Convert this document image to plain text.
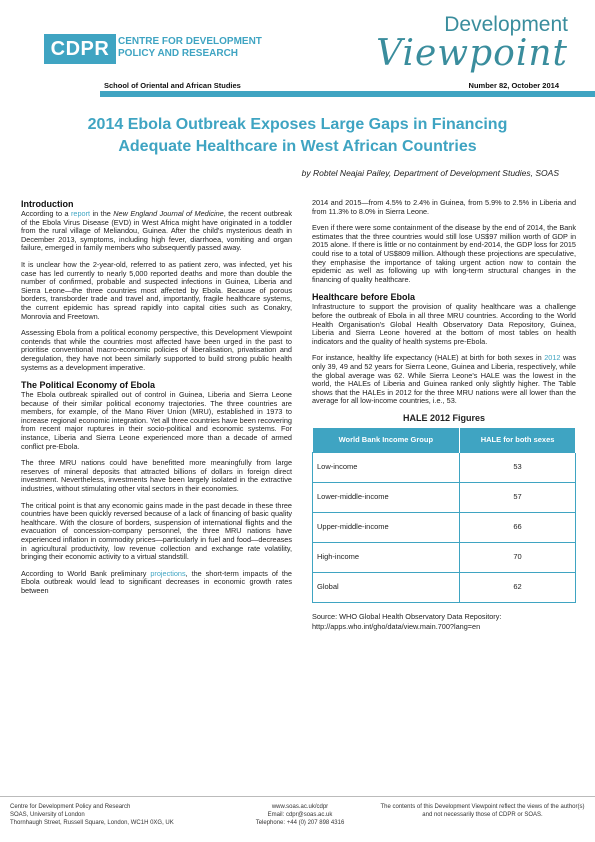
CDPR CENTRE FOR DEVELOPMENT
POLICY AND RESEARCH
School of Oriental and African Studies
Development
Viewpoint
Number 82, October 2014
2014 Ebola Outbreak Exposes Large Gaps in Financing
Adequate Healthcare in West African Countries
by Robtel Neajai Pailey, Department of Development Studies, SOAS
Introduction

According to a report in the New England Journal of Medicine, the recent outbreak of the Ebola Virus Disease (EVD) in West Africa might have originated in a toddler from the rural village of Meliandou, Guinea. After the child's mysterious death in December 2013, symptoms, including high fever, diarrhoea, vomiting and organ failure, emerged in family members who subsequently passed away.

It is unclear how the 2-year-old, referred to as patient zero, was infected, yet his case has led currently to nearly 5,000 reported deaths and more than double the number of confirmed, probable and suspected infections in Guinea, Liberia and Sierra Leone—the three countries most affected by Ebola. Because of porous borders, transborder trade and travel and, importantly, fragile healthcare systems, the current epidemic has spread rapidly into capital cities such as Conakry, Monrovia and Freetown.

Assessing Ebola from a political economy perspective, this Development Viewpoint contends that while the countries most affected have been urged in the past to prioritise conventional macro-economic policies of liberalisation, privatisation and deregulation, they have not been similarly supported to build strong public health systems as a development imperative.

The Political Economy of Ebola

The Ebola outbreak spiralled out of control in Guinea, Liberia and Sierra Leone because of their similar political economy trajectories. The three countries are members, for example, of the Mano River Union (MRU), established in 1973 to increase regional economic integration. Yet all three countries have been recovering from recent major ruptures in their socio-political and economic systems. For instance, Liberia and Sierra Leone experienced more than a decade of armed conflict pre-Ebola.

The three MRU nations could have benefitted more meaningfully from large reserves of mineral deposits that attracted billions of dollars in foreign direct investment. Nevertheless, investments have been largely isolated in the extractive industries, without stimulating other vital sectors in their economies.

The critical point is that any economic gains made in the past decade in these three countries have been quickly reversed because of a lack of financing of basic quality healthcare. With the closure of borders, suspension of international flights and the evacuation of concession-company personnel, the three MRU nations have experienced inflation in commodity prices—particularly in fuel and food—decreases in agricultural productivity, low revenue collection and exchange rate volatility, bringing their economic activity to a virtual standstill.

According to World Bank preliminary projections, the short-term impacts of the Ebola outbreak would lead to significant decreases in economic growth rates between

2014 and 2015—from 4.5% to 2.4% in Guinea, from 5.9% to 2.5% in Liberia and from 11.3% to 8.0% in Sierra Leone.

Even if there were some containment of the disease by the end of 2014, the Bank estimates that the three countries would still lose US$97 million worth of GDP in 2015 alone. If there is little or no containment by end-2014, the GDP loss for 2015 could rise to a total of US$809 million. Although these projections are speculative, they emphasise the importance of taking urgent action now to contain the epidemic as well as following up with long-term structural changes in the financing of quality healthcare.

Healthcare before Ebola

Infrastructure to support the provision of quality healthcare was a challenge before the outbreak of Ebola in all three MRU countries. According to the World Health Organisation's Global Health Observatory Data Repository, Guinea, Liberia and Sierra Leone hovered at the bottom of most tables on health indicators and the quality of health systems pre-Ebola.

For instance, healthy life expectancy (HALE) at birth for both sexes in 2012 was only 39, 49 and 52 years for Sierra Leone, Guinea and Liberia, respectively, while the global average was 62. While Sierra Leone's HALE was the lowest in the world, the HALEs of Liberia and Guinea ranked only slightly higher. The Table shows that the HALEs in 2012 for the three MRU nations were all lower than the average for all low-income countries, i.e., 53.

HALE 2012 Figures
World Bank Income Group	HALE for both sexes
Low-income	53
Lower-middle-income	57
Upper-middle-income	66
High-income	70
Global	62
Source: WHO Global Health Observatory Data Repository:
http://apps.who.int/gho/data/view.main.700?lang=en
Centre for Development Policy and Research
SOAS, University of London
Thornhaugh Street, Russell Square, London, WC1H 0XG, UK
www.soas.ac.uk/cdpr
Email: cdpr@soas.ac.uk
Telephone: +44 (0) 207 898 4316
The contents of this Development Viewpoint reflect the views of the author(s) and not necessarily those of CDPR or SOAS.
